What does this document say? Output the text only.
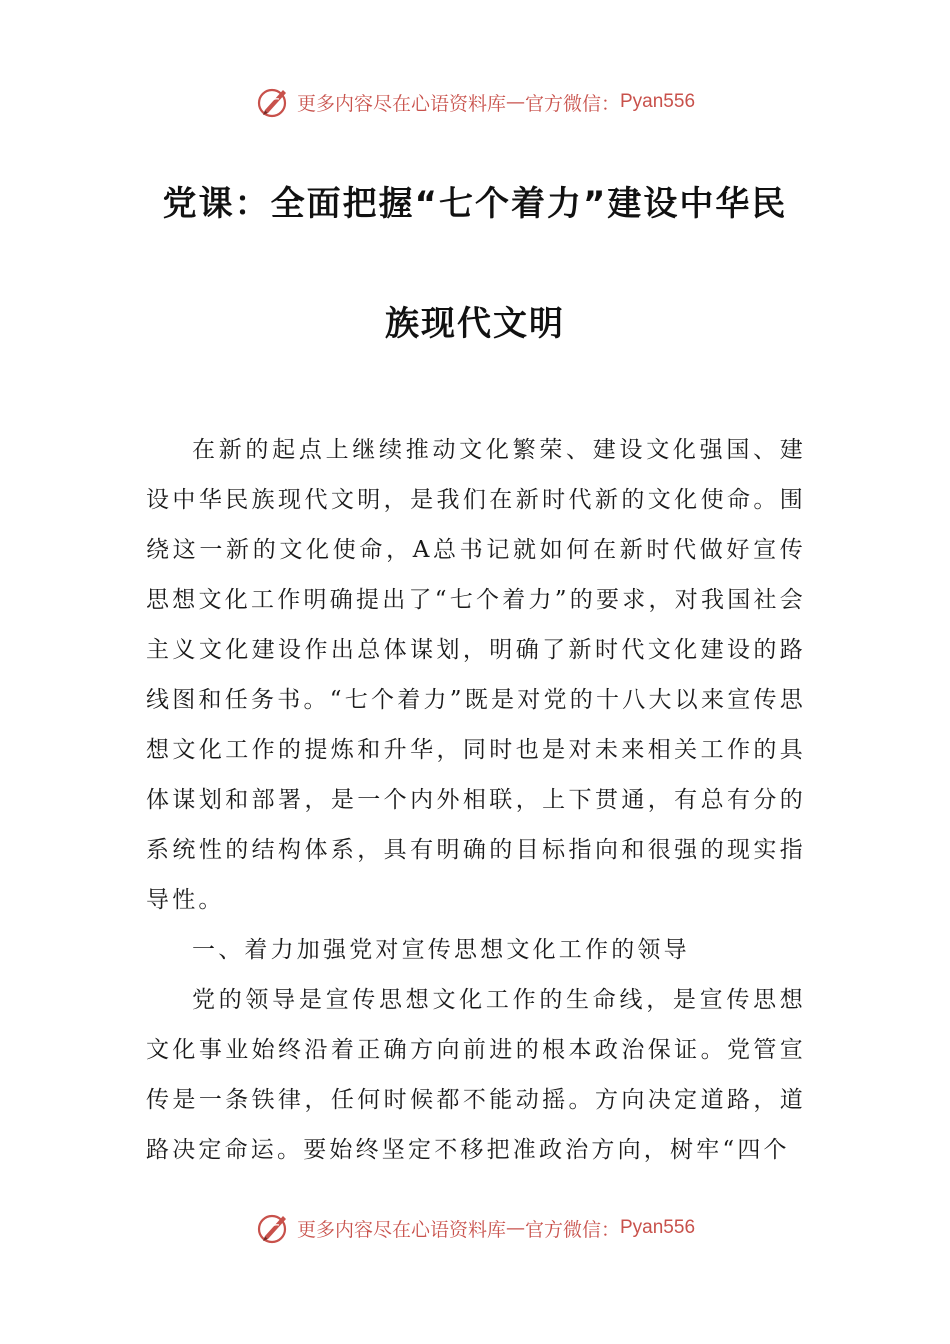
更多内容尽在心语资料库 — 官方微信： Pyan556
党课：全面把握“七个着力”建设中华民
族现代文明

在新的起点上继续推动文化繁荣、建设文化强国、建设中华民族现代文明，是我们在新时代新的文化使命。围绕这一新的文化使命，A总书记就如何在新时代做好宣传思想文化工作明确提出了“七个着力”的要求，对我国社会主义文化建设作出总体谋划，明确了新时代文化建设的路线图和任务书。“七个着力”既是对党的十八大以来宣传思想文化工作的提炼和升华，同时也是对未来相关工作的具体谋划和部署，是一个内外相联，上下贯通，有总有分的系统性的结构体系，具有明确的目标指向和很强的现实指导性。

一、着力加强党对宣传思想文化工作的领导

党的领导是宣传思想文化工作的生命线，是宣传思想文化事业始终沿着正确方向前进的根本政治保证。党管宣传是一条铁律，任何时候都不能动摇。方向决定道路，道路决定命运。要始终坚定不移把准政治方向，树牢“四个

更多内容尽在心语资料库 — 官方微信： Pyan556
